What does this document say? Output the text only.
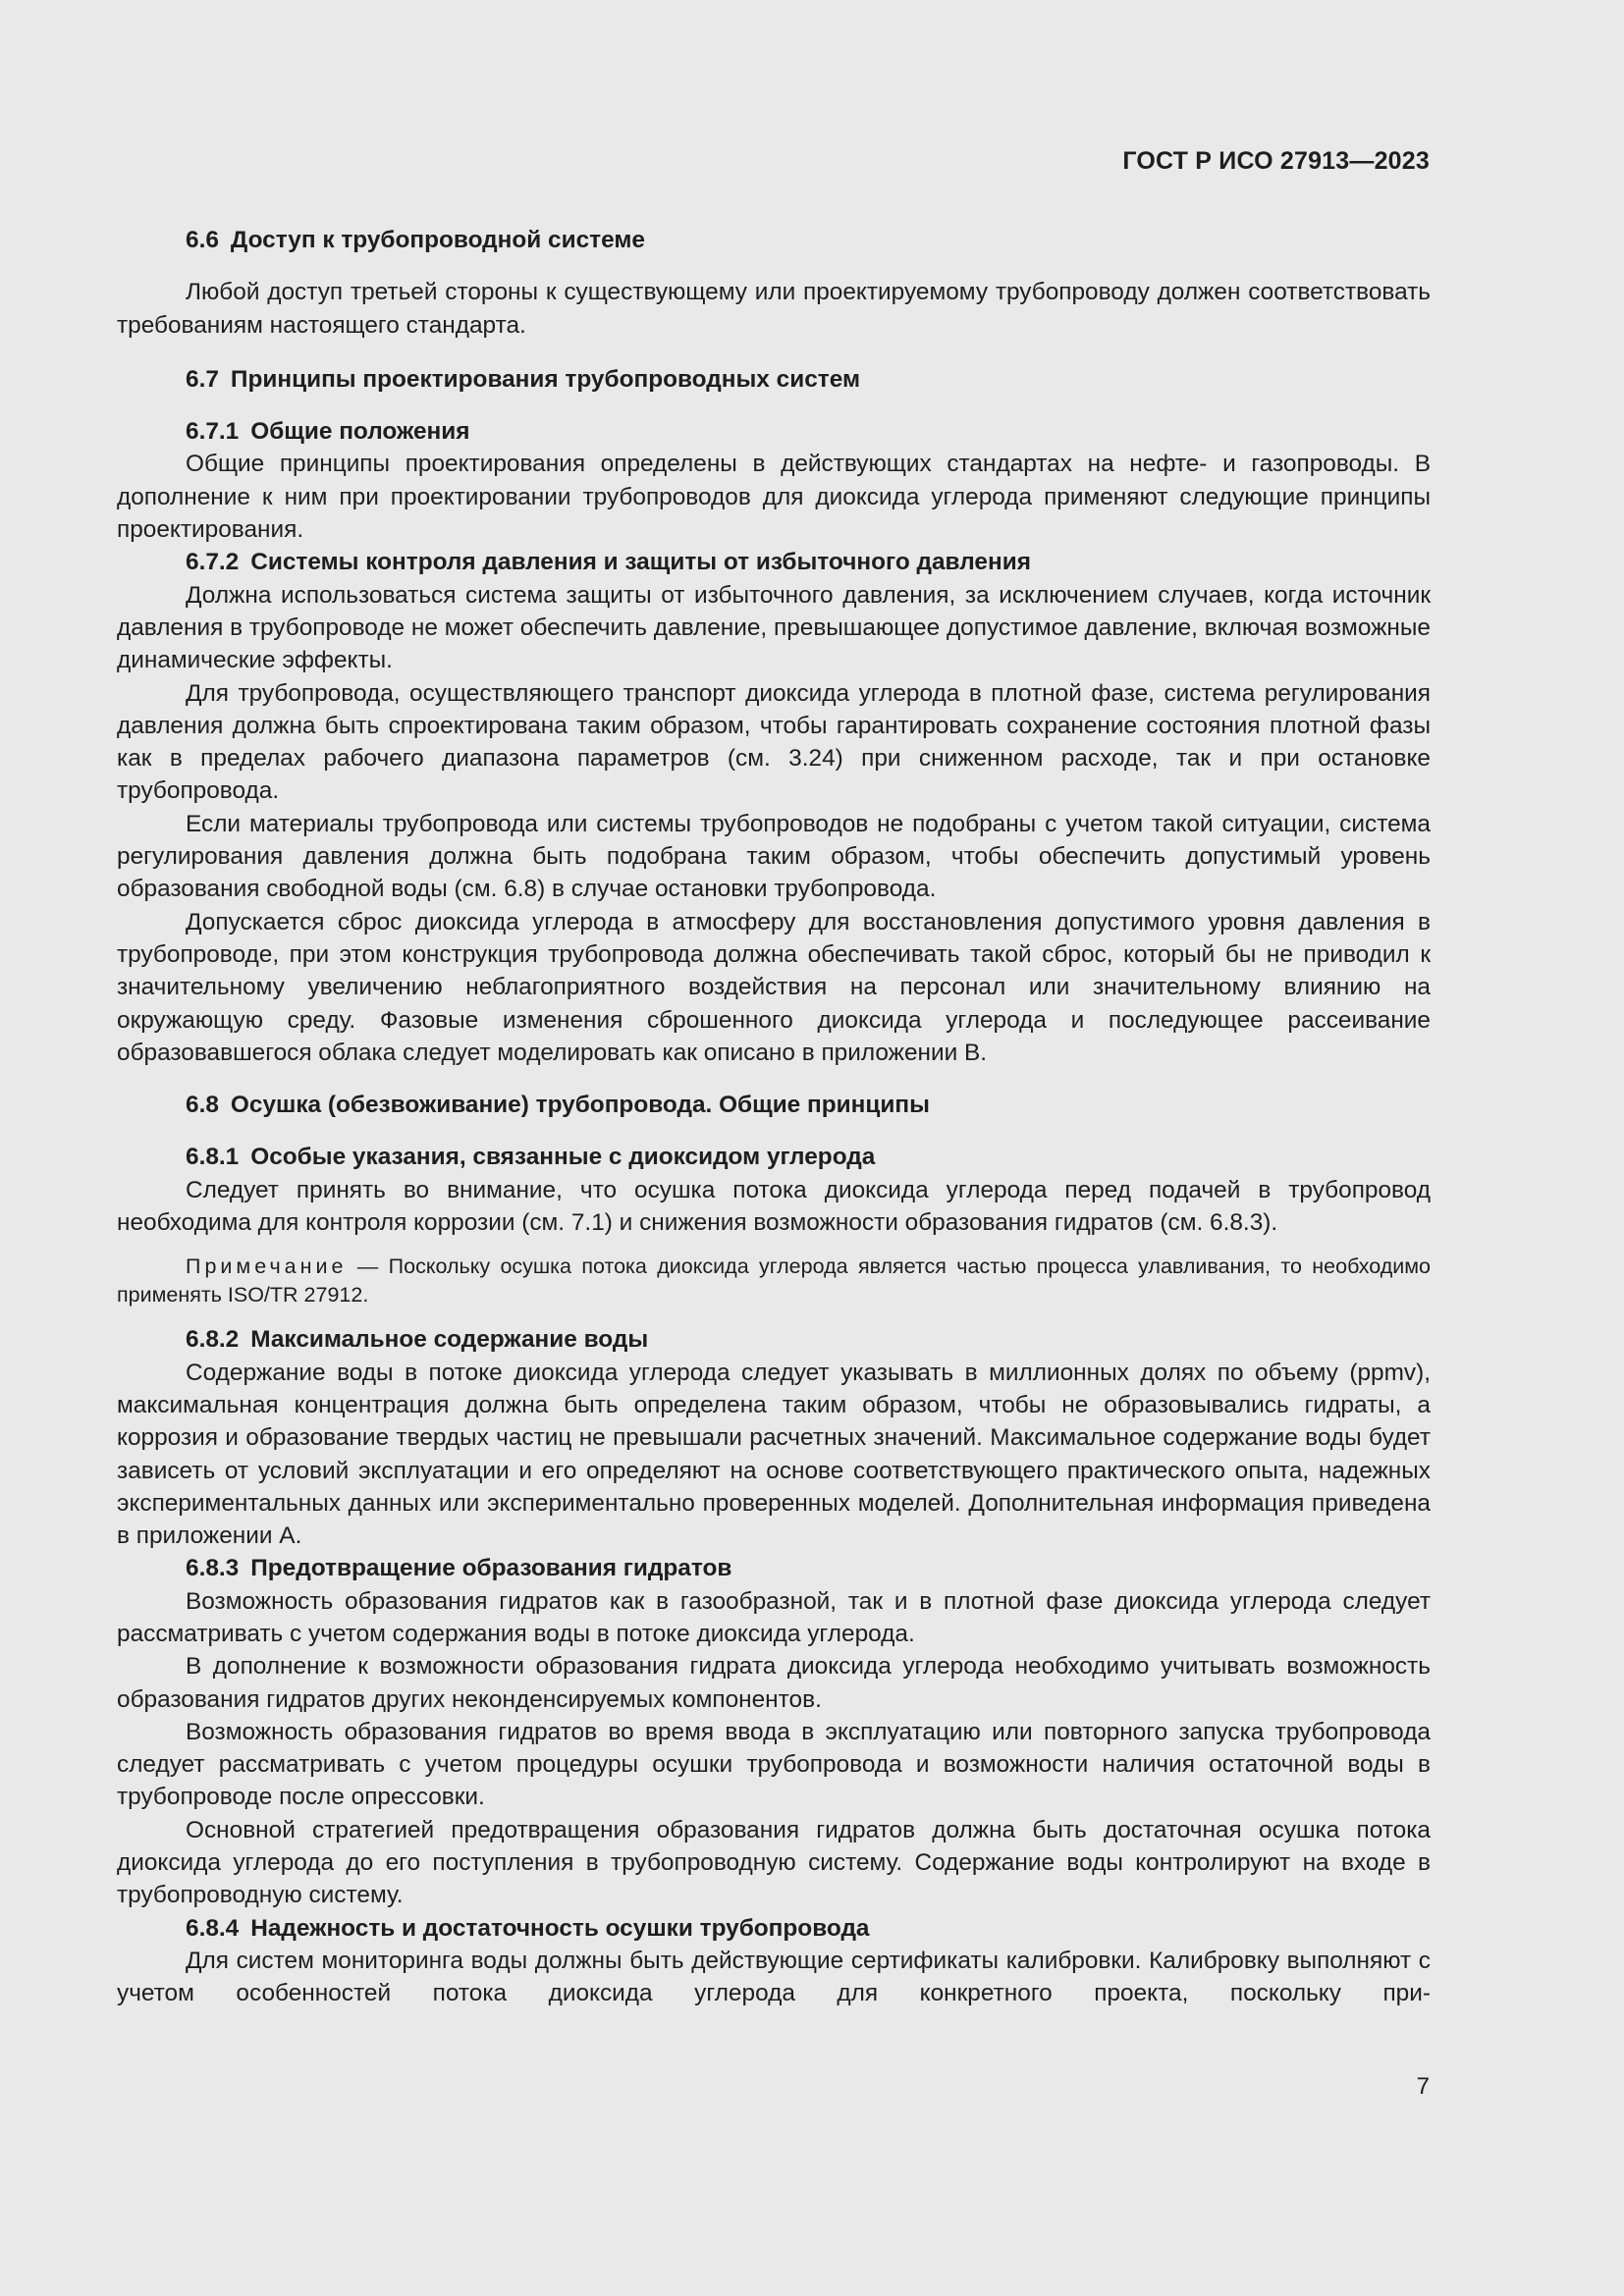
ГОСТ Р ИСО 27913—2023
6.6 Доступ к трубопроводной системе

Любой доступ третьей стороны к существующему или проектируемому трубопроводу должен соответствовать требованиям настоящего стандарта.

6.7 Принципы проектирования трубопроводных систем
6.7.1 Общие положения

Общие принципы проектирования определены в действующих стандартах на нефте- и газопроводы. В дополнение к ним при проектировании трубопроводов для диоксида углерода применяют следующие принципы проектирования.

6.7.2 Системы контроля давления и защиты от избыточного давления

Должна использоваться система защиты от избыточного давления, за исключением случаев, когда источник давления в трубопроводе не может обеспечить давление, превышающее допустимое давление, включая возможные динамические эффекты.

Для трубопровода, осуществляющего транспорт диоксида углерода в плотной фазе, система регулирования давления должна быть спроектирована таким образом, чтобы гарантировать сохранение состояния плотной фазы как в пределах рабочего диапазона параметров (см. 3.24) при сниженном расходе, так и при остановке трубопровода.

Если материалы трубопровода или системы трубопроводов не подобраны с учетом такой ситуации, система регулирования давления должна быть подобрана таким образом, чтобы обеспечить допустимый уровень образования свободной воды (см. 6.8) в случае остановки трубопровода.

Допускается сброс диоксида углерода в атмосферу для восстановления допустимого уровня давления в трубопроводе, при этом конструкция трубопровода должна обеспечивать такой сброс, который бы не приводил к значительному увеличению неблагоприятного воздействия на персонал или значительному влиянию на окружающую среду. Фазовые изменения сброшенного диоксида углерода и последующее рассеивание образовавшегося облака следует моделировать как описано в приложении В.

6.8 Осушка (обезвоживание) трубопровода. Общие принципы
6.8.1 Особые указания, связанные с диоксидом углерода

Следует принять во внимание, что осушка потока диоксида углерода перед подачей в трубопровод необходима для контроля коррозии (см. 7.1) и снижения возможности образования гидратов (см. 6.8.3).

Примечание — Поскольку осушка потока диоксида углерода является частью процесса улавливания, то необходимо применять ISO/TR 27912.

6.8.2 Максимальное содержание воды

Содержание воды в потоке диоксида углерода следует указывать в миллионных долях по объему (ppmv), максимальная концентрация должна быть определена таким образом, чтобы не образовывались гидраты, а коррозия и образование твердых частиц не превышали расчетных значений. Максимальное содержание воды будет зависеть от условий эксплуатации и его определяют на основе соответствующего практического опыта, надежных экспериментальных данных или экспериментально проверенных моделей. Дополнительная информация приведена в приложении А.

6.8.3 Предотвращение образования гидратов

Возможность образования гидратов как в газообразной, так и в плотной фазе диоксида углерода следует рассматривать с учетом содержания воды в потоке диоксида углерода.

В дополнение к возможности образования гидрата диоксида углерода необходимо учитывать возможность образования гидратов других неконденсируемых компонентов.

Возможность образования гидратов во время ввода в эксплуатацию или повторного запуска трубопровода следует рассматривать с учетом процедуры осушки трубопровода и возможности наличия остаточной воды в трубопроводе после опрессовки.

Основной стратегией предотвращения образования гидратов должна быть достаточная осушка потока диоксида углерода до его поступления в трубопроводную систему. Содержание воды контролируют на входе в трубопроводную систему.

6.8.4 Надежность и достаточность осушки трубопровода

Для систем мониторинга воды должны быть действующие сертификаты калибровки. Калибровку выполняют с учетом особенностей потока диоксида углерода для конкретного проекта, поскольку при-

7
